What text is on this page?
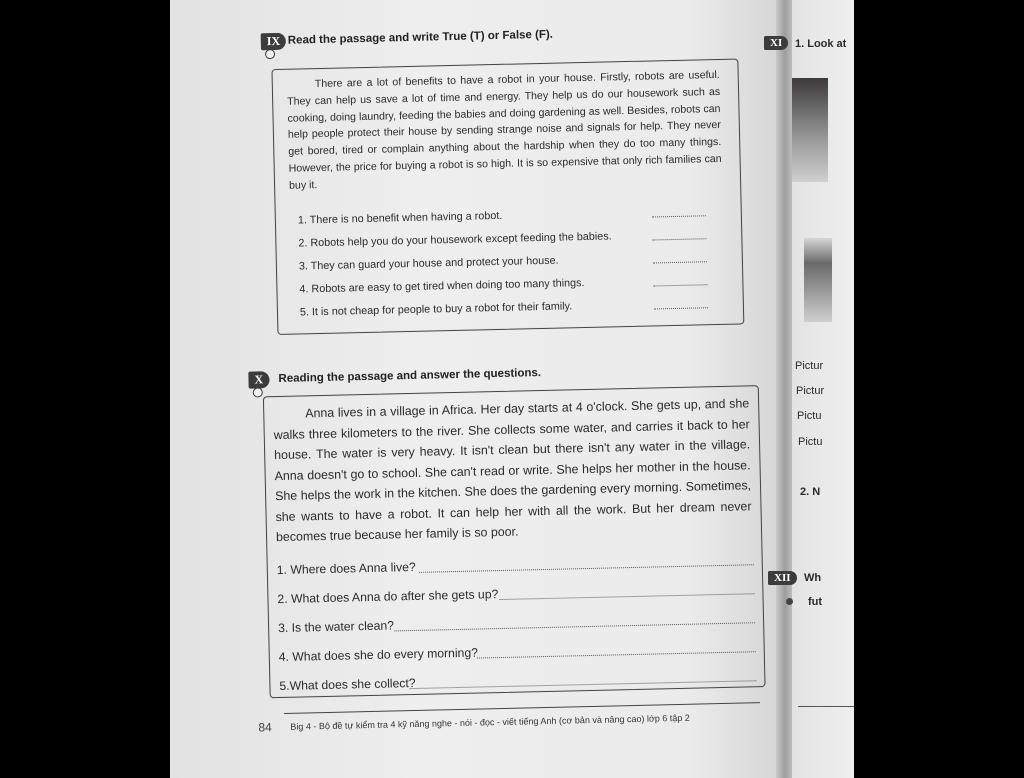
IX Read the passage and write True (T) or False (F).
There are a lot of benefits to have a robot in your house. Firstly, robots are useful. They can help us save a lot of time and energy. They help us do our housework such as cooking, doing laundry, feeding the babies and doing gardening as well. Besides, robots can help people protect their house by sending strange noise and signals for help. They never get bored, tired or complain anything about the hardship when they do too many things. However, the price for buying a robot is so high. It is so expensive that only rich families can buy it.
1. There is no benefit when having a robot.
2. Robots help you do your housework except feeding the babies.
3. They can guard your house and protect your house.
4. Robots are easy to get tired when doing too many things.
5. It is not cheap for people to buy a robot for their family.
X	Reading the passage and answer the questions.
Anna lives in a village in Africa. Her day starts at 4 o'clock. She gets up, and she walks three kilometers to the river. She collects some water, and carries it back to her house. The water is very heavy. It isn't clean but there isn't any water in the village. Anna doesn't go to school. She can't read or write. She helps her mother in the house. She helps the work in the kitchen. She does the gardening every morning. Sometimes, she wants to have a robot. It can help her with all the work. But her dream never becomes true because her family is so poor.
1. Where does Anna live?
2. What does Anna do after she gets up?
3. Is the water clean?
4. What does she do every morning?
5.What does she collect?
84 Big 4 - Bộ đề tự kiểm tra 4 kỹ năng nghe - nói - đọc - viết tiếng Anh (cơ bản và nâng cao) lớp 6 tập 2
XI	1. Look at
Pictur
Pictur
Pictu
Pictu
2. N
XII	Wh
fut
